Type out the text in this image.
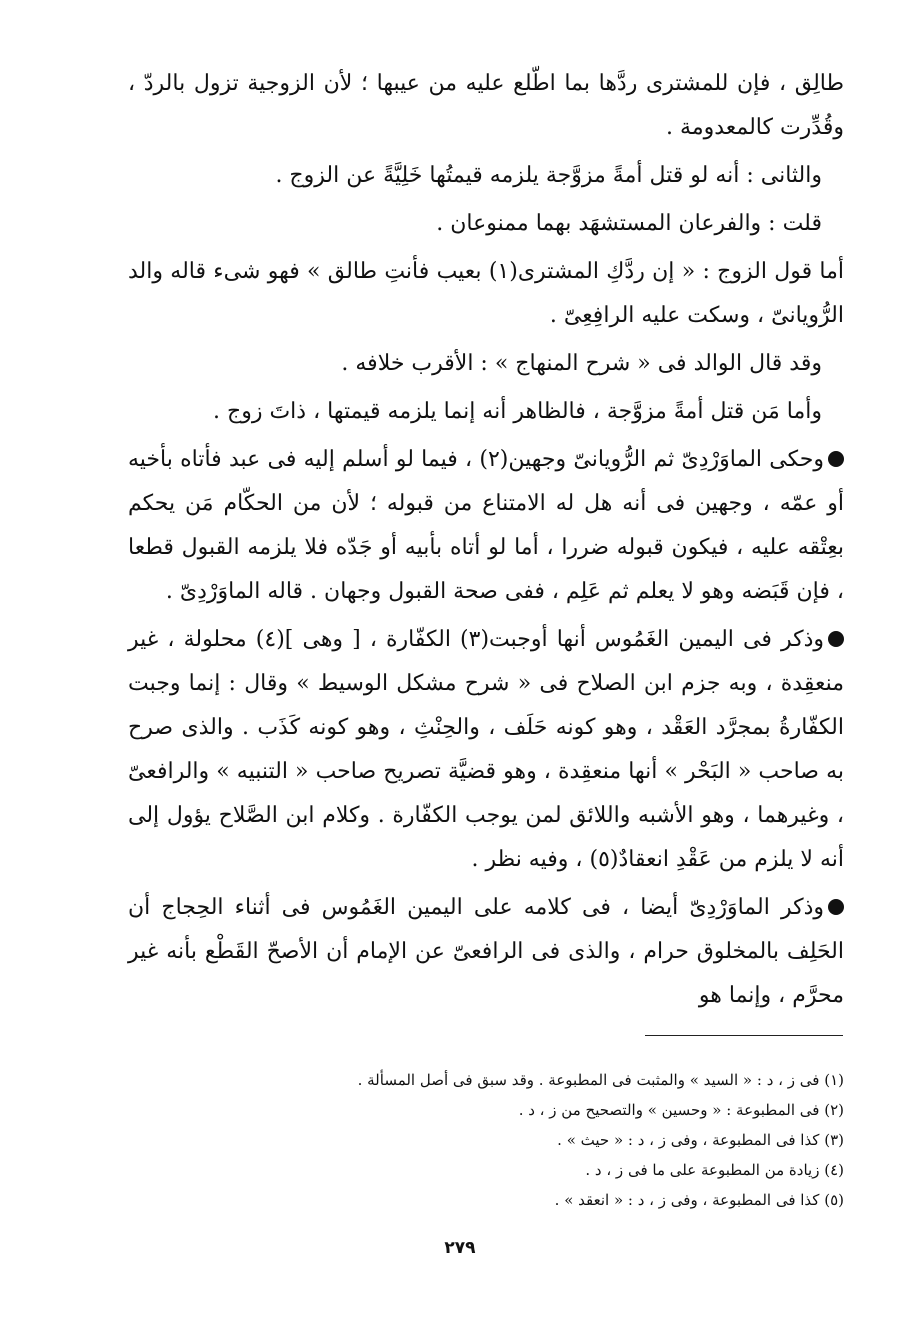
طالِق ، فإن للمشترى ردَّها بما اطّلع عليه من عيبها ؛ لأن الزوجية تزول بالردّ ، وقُدِّرت كالمعدومة .

والثانى : أنه لو قتل أمةً مزوَّجة يلزمه قيمتُها خَلِيَّةً عن الزوج .

قلت : والفرعان المستشهَد بهما ممنوعان .

أما قول الزوج : « إن ردَّكِ المشترى(١) بعيب فأنتِ طالق » فهو شىء قاله والد الرُّويانىّ ، وسكت عليه الرافِعِىّ .

وقد قال الوالد فى « شرح المنهاج » : الأقرب خلافه .

وأما مَن قتل أمةً مزوَّجة ، فالظاهر أنه إنما يلزمه قيمتها ، ذاتَ زوج .

وحكى الماوَرْدِىّ ثم الرُّويانىّ وجهين(٢) ، فيما لو أسلم إليه فى عبد فأتاه بأخيه أو عمّه ، وجهين فى أنه هل له الامتناع من قبوله ؛ لأن من الحكّام مَن يحكم بعِتْقه عليه ، فيكون قبوله ضررا ، أما لو أتاه بأبيه أو جَدّه فلا يلزمه القبول قطعا ، فإن قَبَضه وهو لا يعلم ثم عَلِم ، ففى صحة القبول وجهان . قاله الماوَرْدِىّ .

وذكر فى اليمين الغَمُوس أنها أوجبت(٣) الكفّارة ، [ وهى ](٤) محلولة ، غير منعقِدة ، وبه جزم ابن الصلاح فى « شرح مشكل الوسيط » وقال : إنما وجبت الكفّارةُ بمجرَّد العَقْد ، وهو كونه حَلَف ، والحِنْثِ ، وهو كونه كَذَب . والذى صرح به صاحب « البَحْر » أنها منعقِدة ، وهو قضيَّة تصريح صاحب « التنبيه » والرافعىّ ، وغيرهما ، وهو الأشبه واللائق لمن يوجب الكفّارة . وكلام ابن الصَّلاح يؤول إلى أنه لا يلزم من عَقْدِ انعقادٌ(٥) ، وفيه نظر .

وذكر الماوَرْدِىّ أيضا ، فى كلامه على اليمين الغَمُوس فى أثناء الحِجاج أن الحَلِف بالمخلوق حرام ، والذى فى الرافعىّ عن الإمام أن الأصحّ القَطْع بأنه غير محرَّم ، وإنما هو

(١) فى ز ، د : « السيد » والمثبت فى المطبوعة . وقد سبق فى أصل المسألة .
(٢) فى المطبوعة : « وحسين » والتصحيح من ز ، د .
(٣) كذا فى المطبوعة ، وفى ز ، د : « حيث » .
(٤) زيادة من المطبوعة على ما فى ز ، د .
(٥) كذا فى المطبوعة ، وفى ز ، د : « انعقد » .
٢٧٩
